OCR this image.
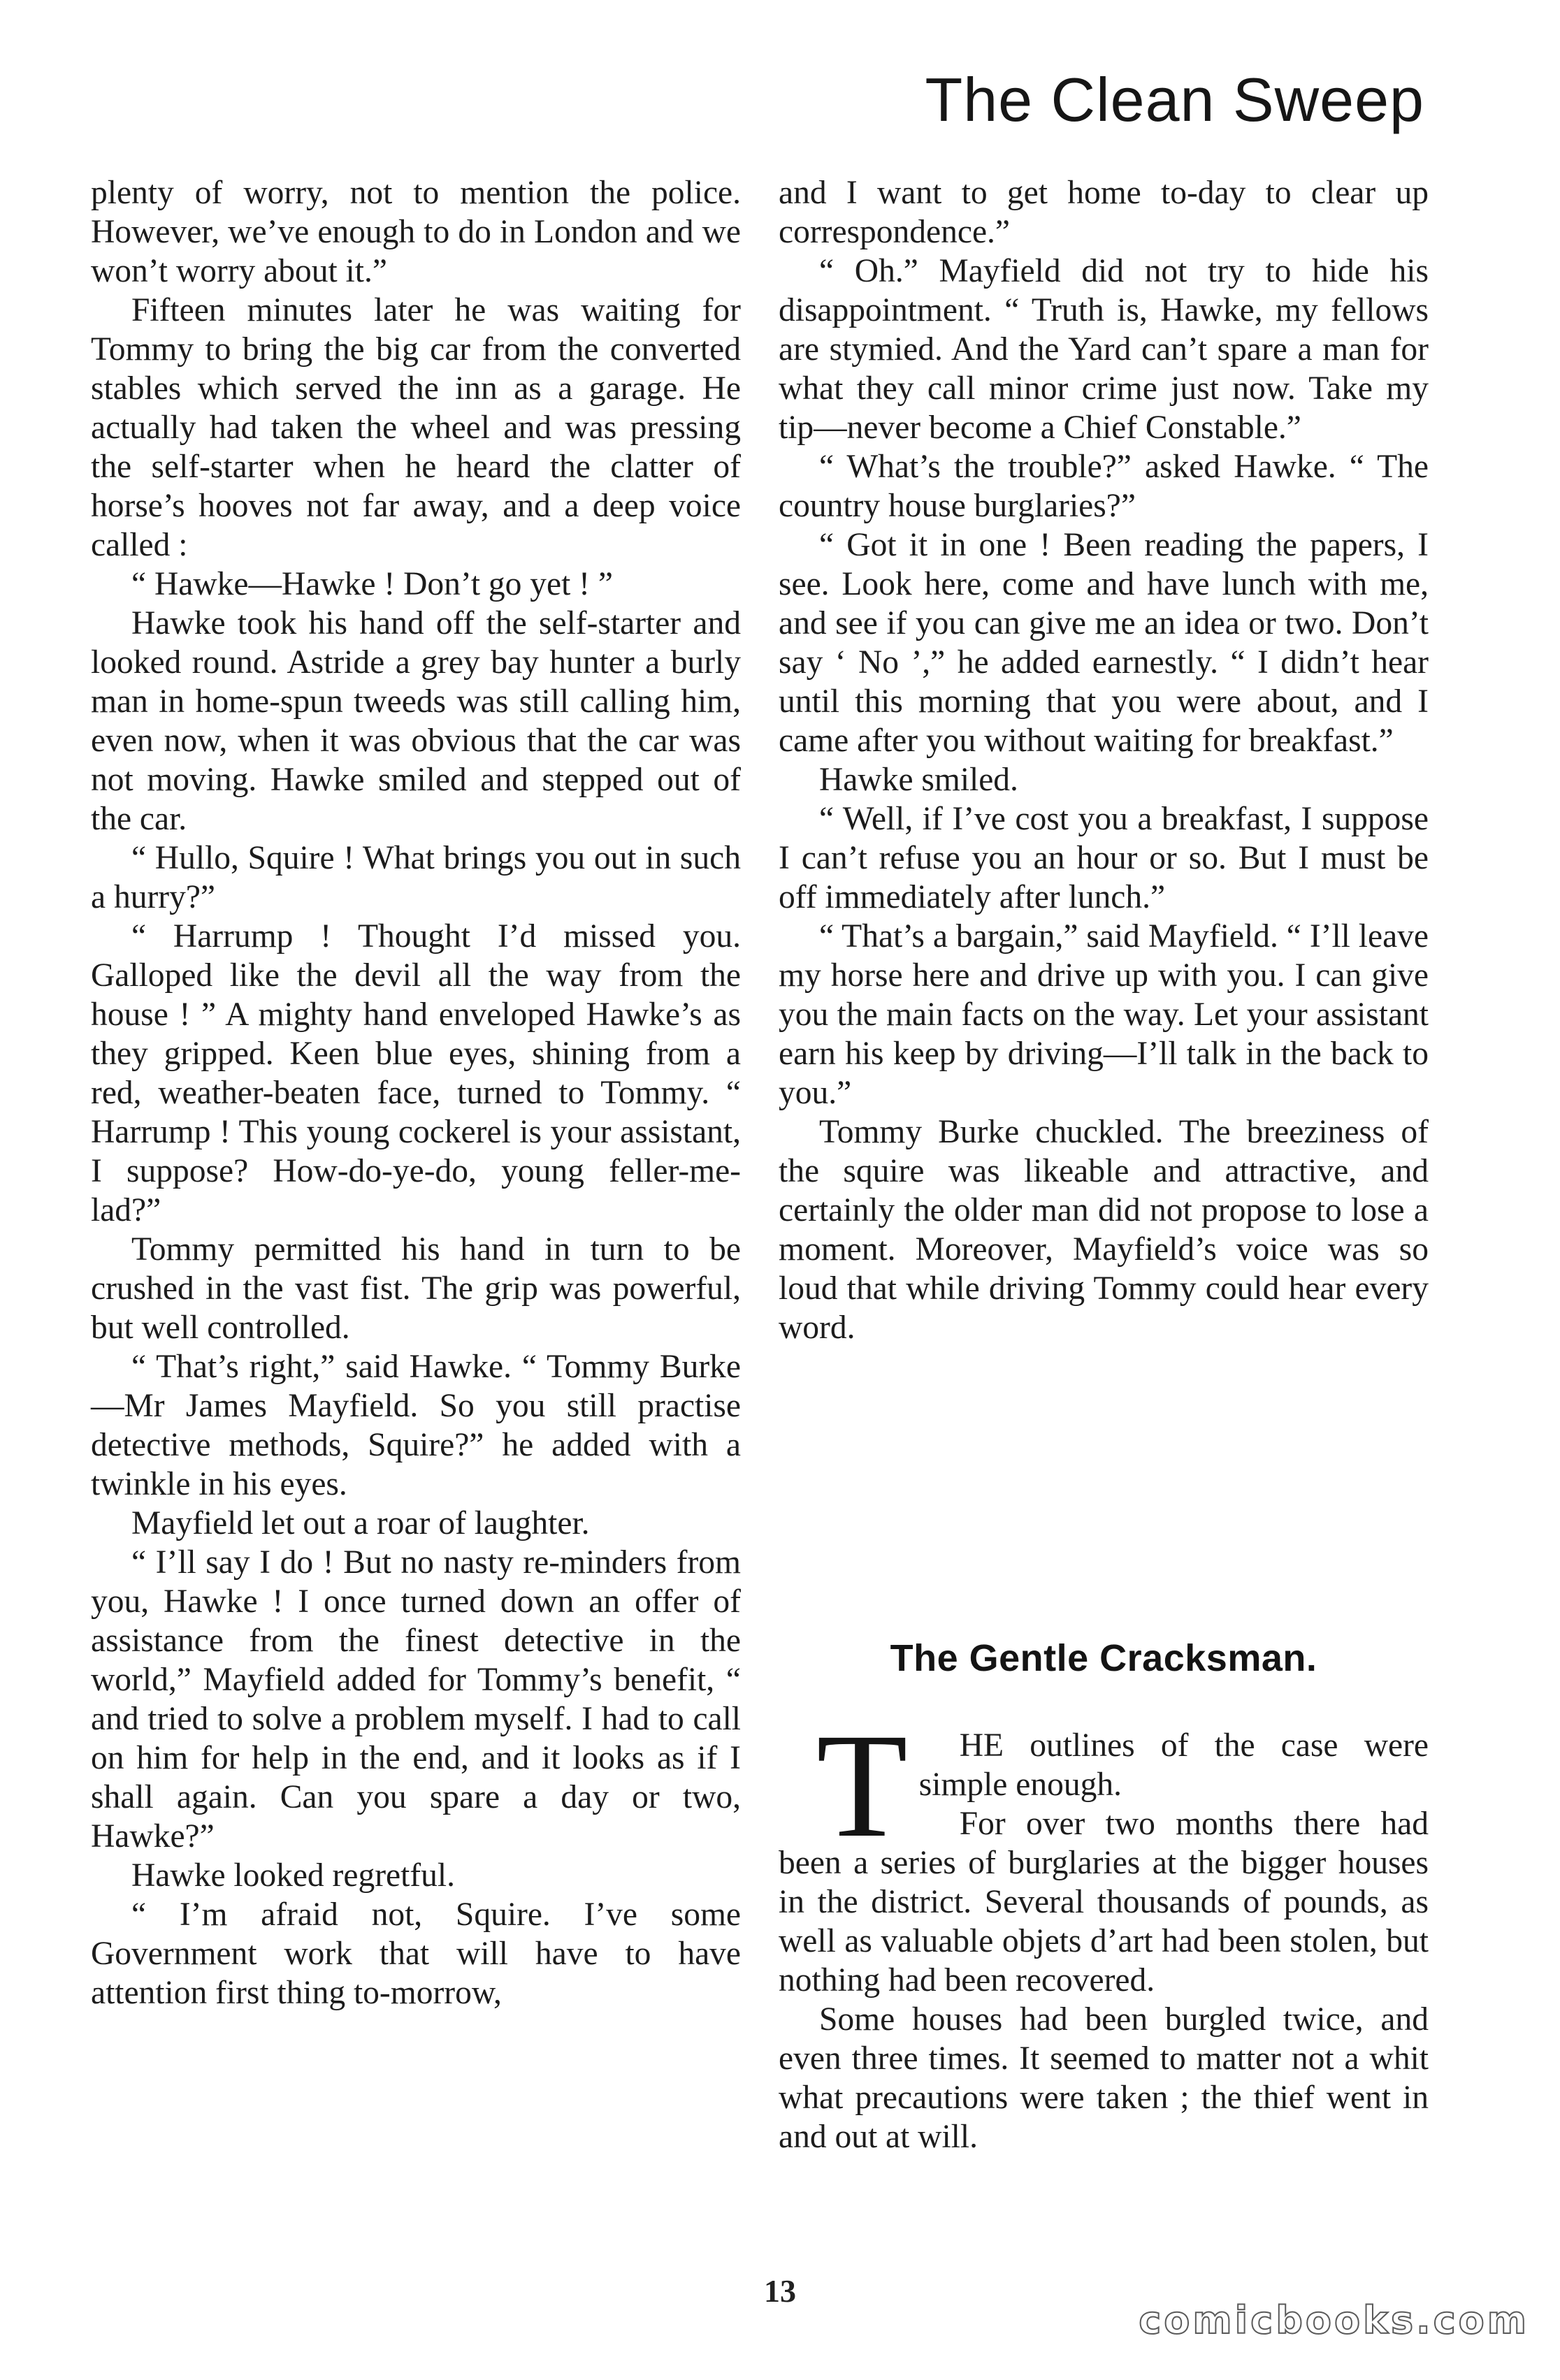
The Clean Sweep

plenty of worry, not to mention the police. However, we’ve enough to do in London and we won’t worry about it.”

Fifteen minutes later he was waiting for Tommy to bring the big car from the converted stables which served the inn as a garage. He actually had taken the wheel and was pressing the self-starter when he heard the clatter of horse’s hooves not far away, and a deep voice called :

“ Hawke—Hawke ! Don’t go yet ! ”

Hawke took his hand off the self-starter and looked round. Astride a grey bay hunter a burly man in home-spun tweeds was still calling him, even now, when it was obvious that the car was not moving. Hawke smiled and stepped out of the car.

“ Hullo, Squire ! What brings you out in such a hurry?”

“ Harrump ! Thought I’d missed you. Galloped like the devil all the way from the house ! ” A mighty hand enveloped Hawke’s as they gripped. Keen blue eyes, shining from a red, weather-beaten face, turned to Tommy. “ Harrump ! This young cockerel is your assistant, I suppose? How-do-ye-do, young feller-me-lad?”

Tommy permitted his hand in turn to be crushed in the vast fist. The grip was powerful, but well controlled.

“ That’s right,” said Hawke. “ Tommy Burke—Mr James Mayfield. So you still practise detective methods, Squire?” he added with a twinkle in his eyes.

Mayfield let out a roar of laughter.

“ I’ll say I do ! But no nasty re-minders from you, Hawke ! I once turned down an offer of assistance from the finest detective in the world,” Mayfield added for Tommy’s benefit, “ and tried to solve a problem myself. I had to call on him for help in the end, and it looks as if I shall again. Can you spare a day or two, Hawke?”

Hawke looked regretful.

“ I’m afraid not, Squire. I’ve some Government work that will have to have attention first thing to-morrow,

and I want to get home to-day to clear up correspondence.”

“ Oh.” Mayfield did not try to hide his disappointment. “ Truth is, Hawke, my fellows are stymied. And the Yard can’t spare a man for what they call minor crime just now. Take my tip—never become a Chief Constable.”

“ What’s the trouble?” asked Hawke. “ The country house burglaries?”

“ Got it in one ! Been reading the papers, I see. Look here, come and have lunch with me, and see if you can give me an idea or two. Don’t say ‘ No ’,” he added earnestly. “ I didn’t hear until this morning that you were about, and I came after you without waiting for breakfast.”

Hawke smiled.

“ Well, if I’ve cost you a breakfast, I suppose I can’t refuse you an hour or so. But I must be off immediately after lunch.”

“ That’s a bargain,” said Mayfield. “ I’ll leave my horse here and drive up with you. I can give you the main facts on the way. Let your assistant earn his keep by driving—I’ll talk in the back to you.”

Tommy Burke chuckled. The breeziness of the squire was likeable and attractive, and certainly the older man did not propose to lose a moment. Moreover, Mayfield’s voice was so loud that while driving Tommy could hear every word.

The Gentle Cracksman.

T HE outlines of the case were simple enough.

For over two months there had been a series of burglaries at the bigger houses in the district. Several thousands of pounds, as well as valuable objets d’art had been stolen, but nothing had been recovered.

Some houses had been burgled twice, and even three times. It seemed to matter not a whit what precautions were taken ; the thief went in and out at will.

13
comicbooks.com
